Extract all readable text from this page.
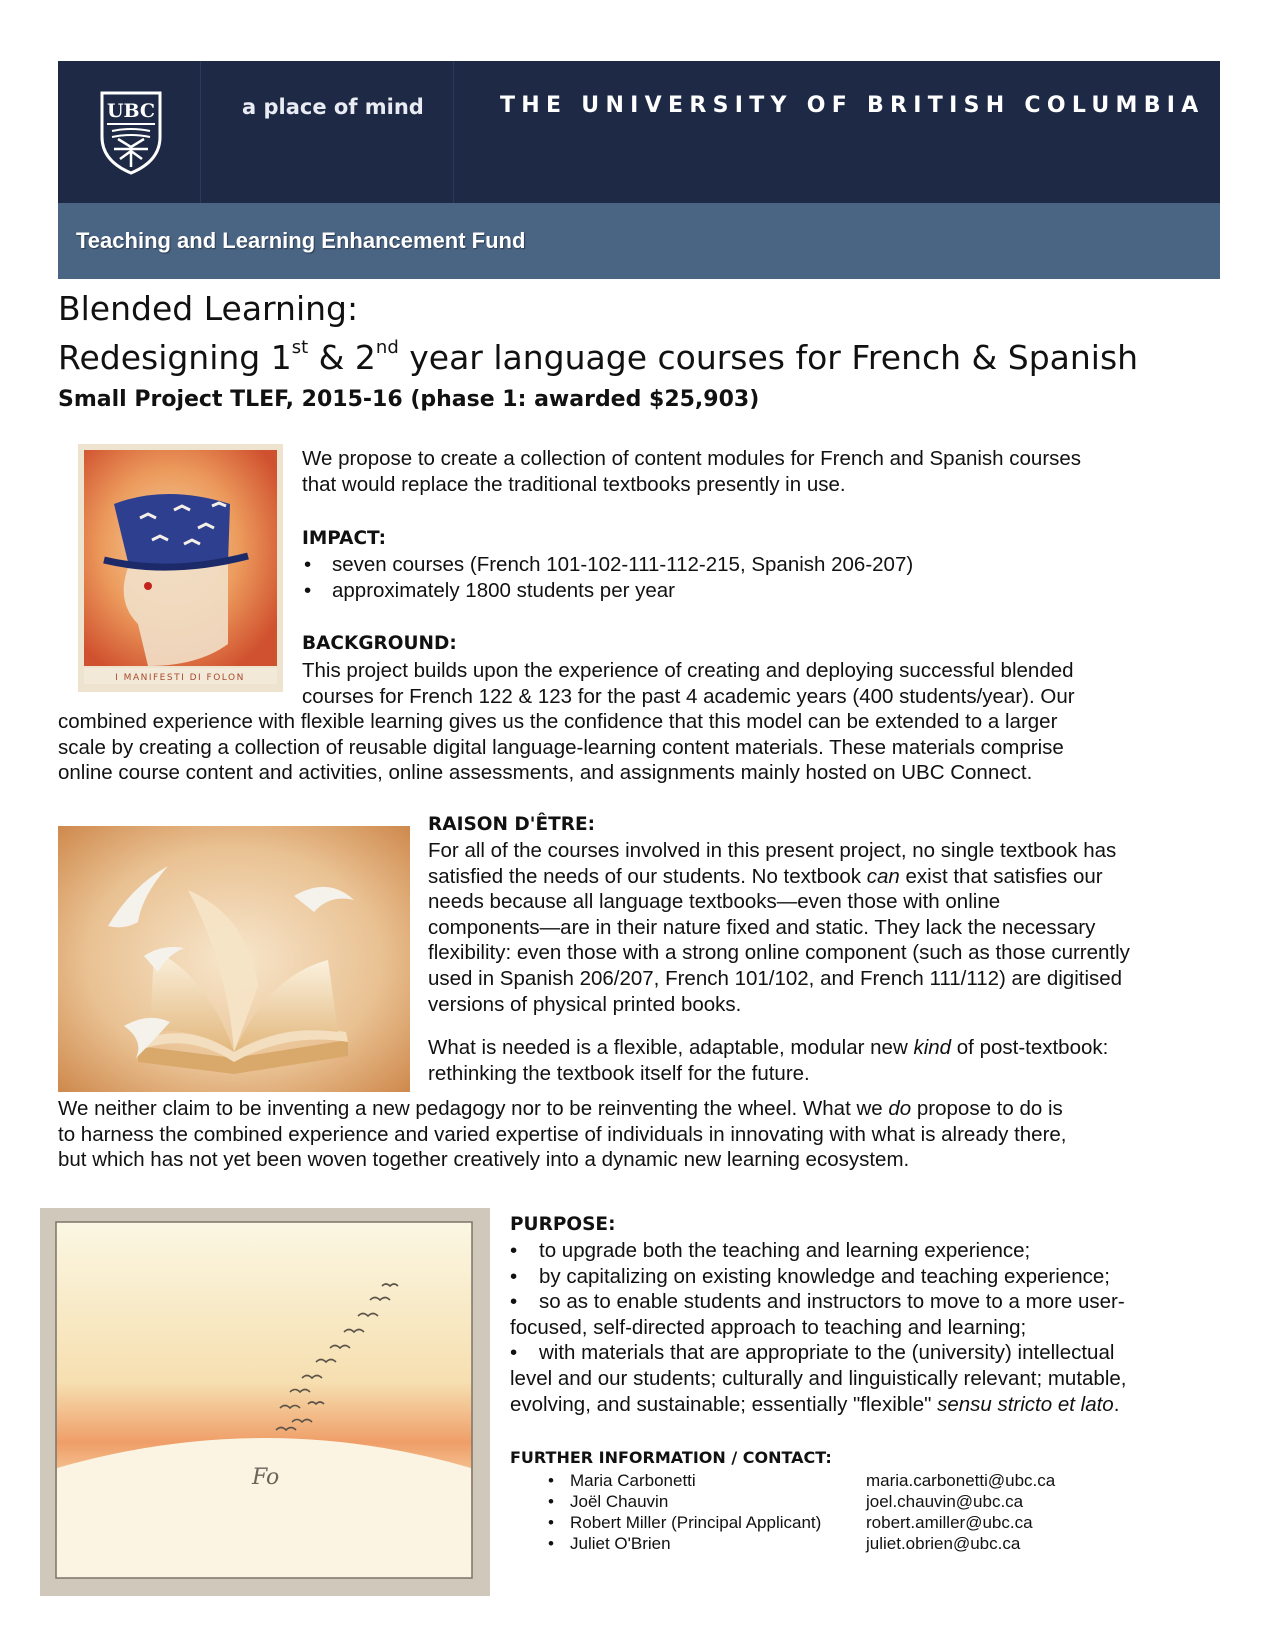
UBC	a place of mind	THE UNIVERSITY OF BRITISH COLUMBIA
Teaching and Learning Enhancement Fund
Blended Learning:
Redesigning 1st & 2nd year language courses for French & Spanish
Small Project TLEF, 2015-16 (phase 1: awarded $25,903)
I MANIFESTI DI FOLON
We propose to create a collection of content modules for French and Spanish courses
that would replace the traditional textbooks presently in use.
IMPACT:
• seven courses (French 101-102-111-112-215, Spanish 206-207)
• approximately 1800 students per year
BACKGROUND:
This project builds upon the experience of creating and deploying successful blended
courses for French 122 & 123 for the past 4 academic years (400 students/year). Our
combined experience with flexible learning gives us the confidence that this model can be extended to a larger
scale by creating a collection of reusable digital language-learning content materials. These materials comprise
online course content and activities, online assessments, and assignments mainly hosted on UBC Connect.
RAISON D'ÊTRE:
For all of the courses involved in this present project, no single textbook has
satisfied the needs of our students. No textbook can exist that satisfies our
needs because all language textbooks—even those with online
components—are in their nature fixed and static. They lack the necessary
flexibility: even those with a strong online component (such as those currently
used in Spanish 206/207, French 101/102, and French 111/112) are digitised
versions of physical printed books.
What is needed is a flexible, adaptable, modular new kind of post-textbook:
rethinking the textbook itself for the future.
We neither claim to be inventing a new pedagogy nor to be reinventing the wheel. What we do propose to do is
to harness the combined experience and varied expertise of individuals in innovating with what is already there,
but which has not yet been woven together creatively into a dynamic new learning ecosystem.
Fo
PURPOSE:
• to upgrade both the teaching and learning experience;
• by capitalizing on existing knowledge and teaching experience;
• so as to enable students and instructors to move to a more user-
focused, self-directed approach to teaching and learning;
• with materials that are appropriate to the (university) intellectual
level and our students; culturally and linguistically relevant; mutable,
evolving, and sustainable; essentially "flexible" sensu stricto et lato.
FURTHER INFORMATION / CONTACT:
• Maria Carbonetti	maria.carbonetti@ubc.ca
• Joël Chauvin	joel.chauvin@ubc.ca
• Robert Miller (Principal Applicant)	robert.amiller@ubc.ca
• Juliet O'Brien	juliet.obrien@ubc.ca
